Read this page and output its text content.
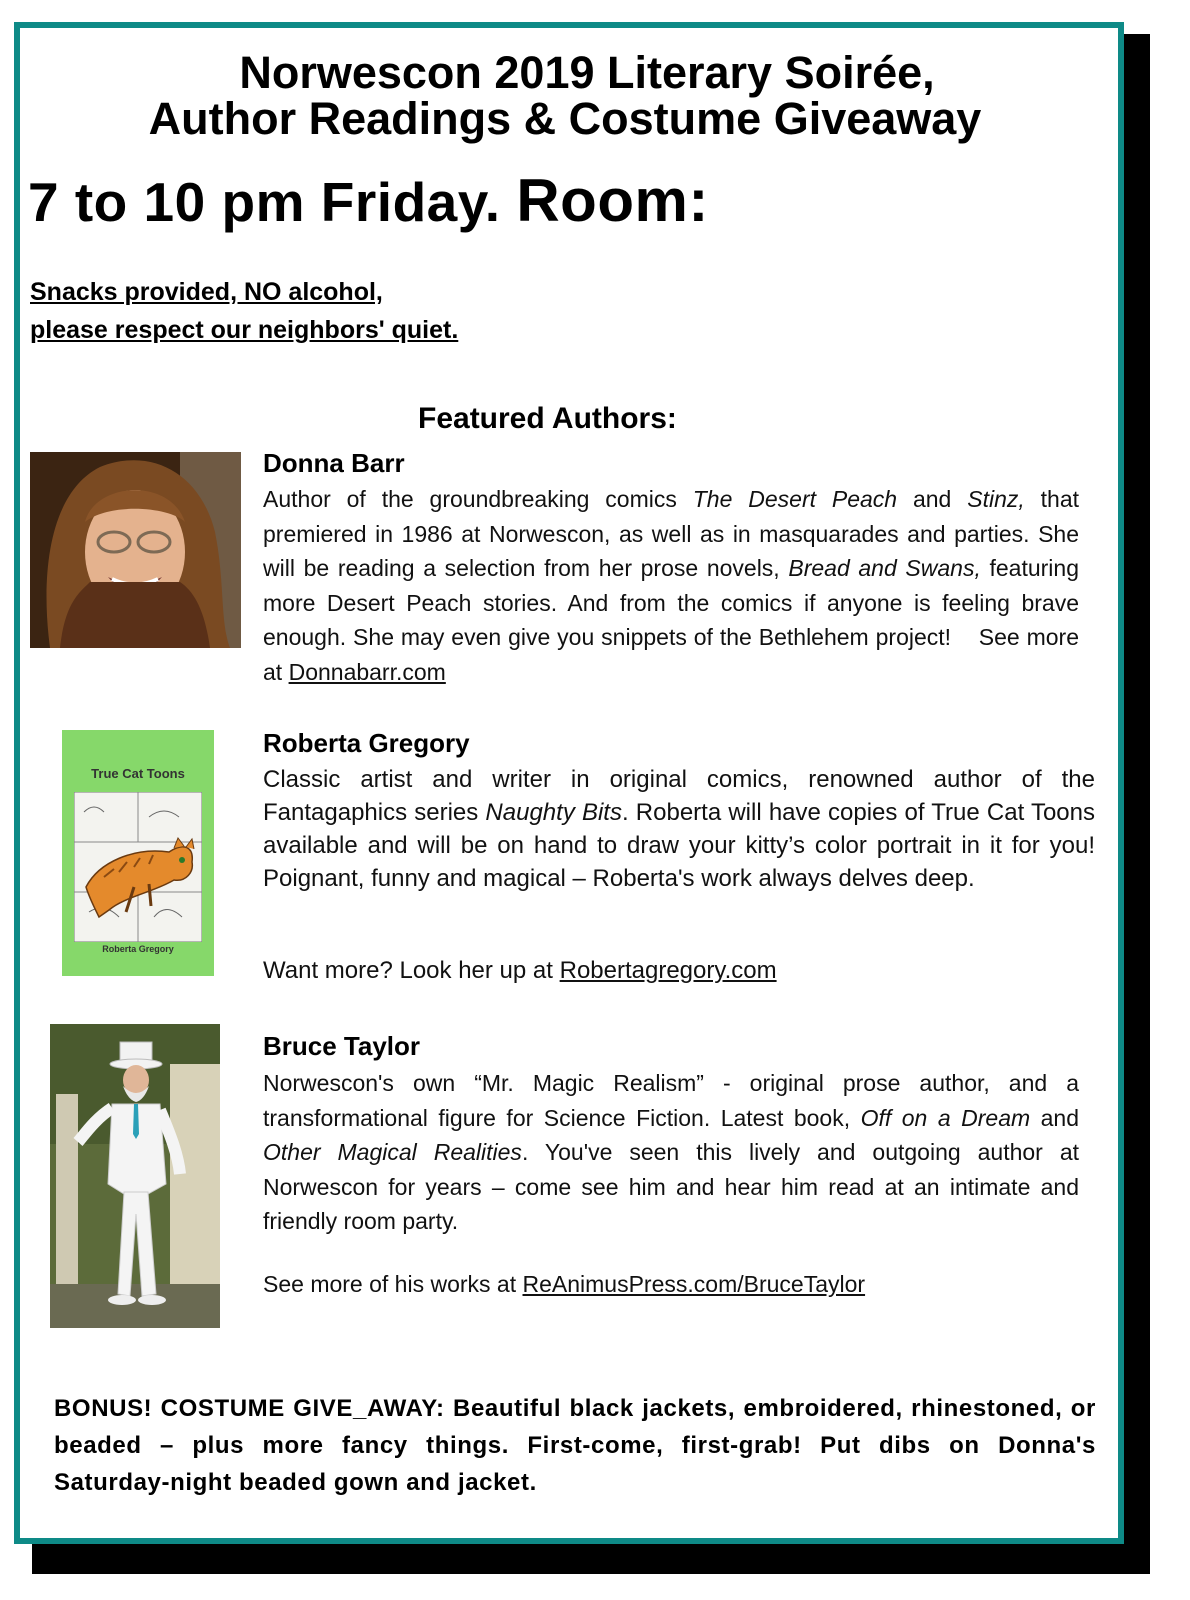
Norwescon 2019 Literary Soirée,
Author Readings & Costume Giveaway
7 to 10 pm Friday. Room:
Snacks provided, NO alcohol,
please respect our neighbors' quiet.
Featured Authors:
Donna Barr
Author of the groundbreaking comics The Desert Peach and Stinz, that premiered in 1986 at Norwescon, as well as in masquarades and parties. She will be reading a selection from her prose novels, Bread and Swans, featuring more Desert Peach stories. And from the comics if anyone is feeling brave enough. She may even give you snippets of the Bethlehem project! See more at Donnabarr.com
True Cat Toons
Roberta Gregory
Roberta Gregory
Classic artist and writer in original comics, renowned author of the Fantagaphics series Naughty Bits. Roberta will have copies of True Cat Toons available and will be on hand to draw your kitty’s color portrait in it for you! Poignant, funny and magical – Roberta's work always delves deep.
Want more? Look her up at Robertagregory.com
Bruce Taylor
Norwescon's own “Mr. Magic Realism” - original prose author, and a transformational figure for Science Fiction. Latest book, Off on a Dream and Other Magical Realities. You've seen this lively and outgoing author at Norwescon for years – come see him and hear him read at an intimate and friendly room party.
See more of his works at ReAnimusPress.com/BruceTaylor
BONUS! COSTUME GIVE_AWAY: Beautiful black jackets, embroidered, rhinestoned, or beaded – plus more fancy things. First-come, first-grab! Put dibs on Donna's Saturday-night beaded gown and jacket.
